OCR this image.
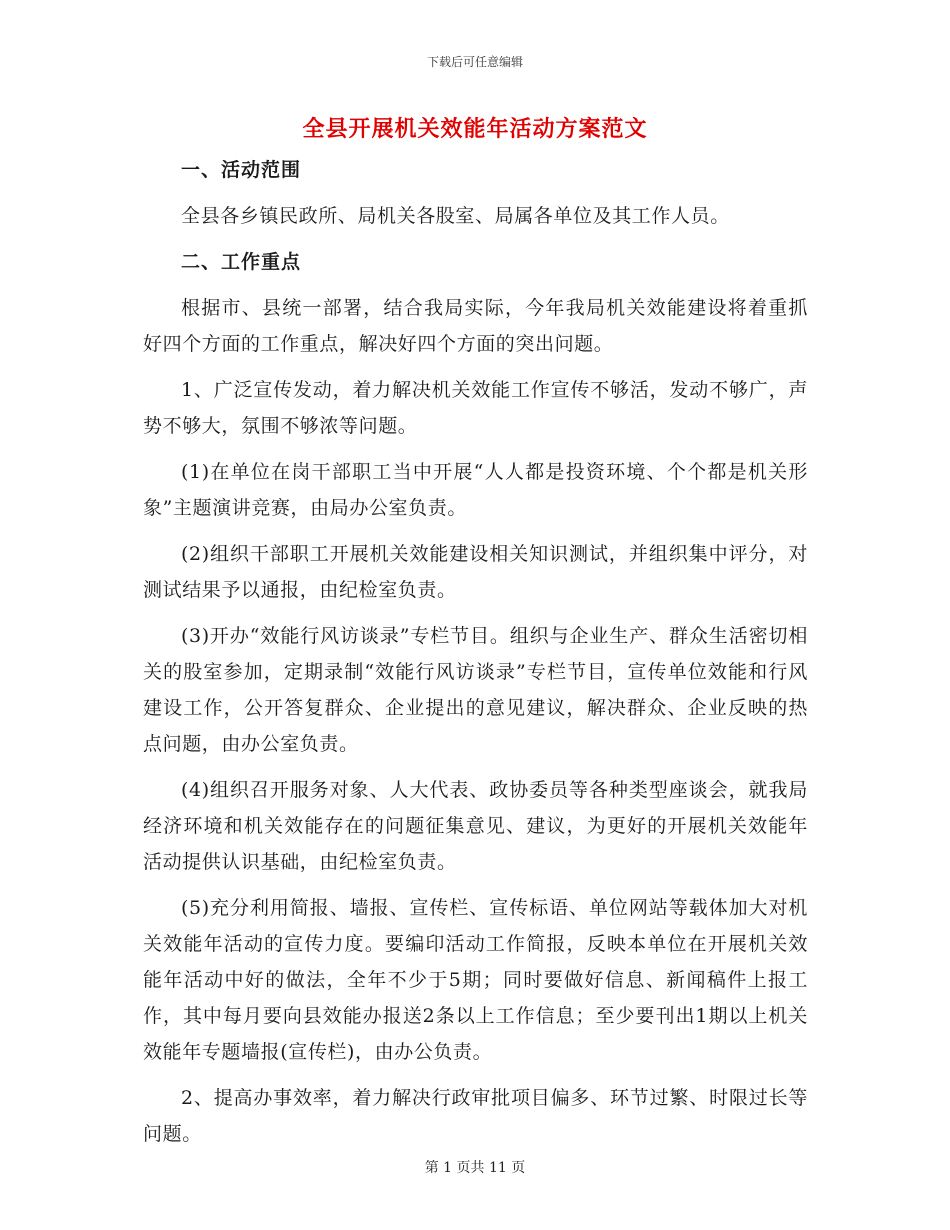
下载后可任意编辑
全县开展机关效能年活动方案范文

一、活动范围

全县各乡镇民政所、局机关各股室、局属各单位及其工作人员。

二、工作重点

根据市、县统一部署，结合我局实际，今年我局机关效能建设将着重抓好四个方面的工作重点，解决好四个方面的突出问题。

1、广泛宣传发动，着力解决机关效能工作宣传不够活，发动不够广，声势不够大，氛围不够浓等问题。

(1)在单位在岗干部职工当中开展“人人都是投资环境、个个都是机关形象”主题演讲竞赛，由局办公室负责。

(2)组织干部职工开展机关效能建设相关知识测试，并组织集中评分，对测试结果予以通报，由纪检室负责。

(3)开办“效能行风访谈录”专栏节目。组织与企业生产、群众生活密切相关的股室参加，定期录制“效能行风访谈录”专栏节目，宣传单位效能和行风建设工作，公开答复群众、企业提出的意见建议，解决群众、企业反映的热点问题，由办公室负责。

(4)组织召开服务对象、人大代表、政协委员等各种类型座谈会，就我局经济环境和机关效能存在的问题征集意见、建议，为更好的开展机关效能年活动提供认识基础，由纪检室负责。

(5)充分利用简报、墙报、宣传栏、宣传标语、单位网站等载体加大对机关效能年活动的宣传力度。要编印活动工作简报，反映本单位在开展机关效能年活动中好的做法，全年不少于5期；同时要做好信息、新闻稿件上报工作，其中每月要向县效能办报送2条以上工作信息；至少要刊出1期以上机关效能年专题墙报(宣传栏)，由办公负责。

2、提高办事效率，着力解决行政审批项目偏多、环节过繁、时限过长等问题。

第 1 页共 11 页
